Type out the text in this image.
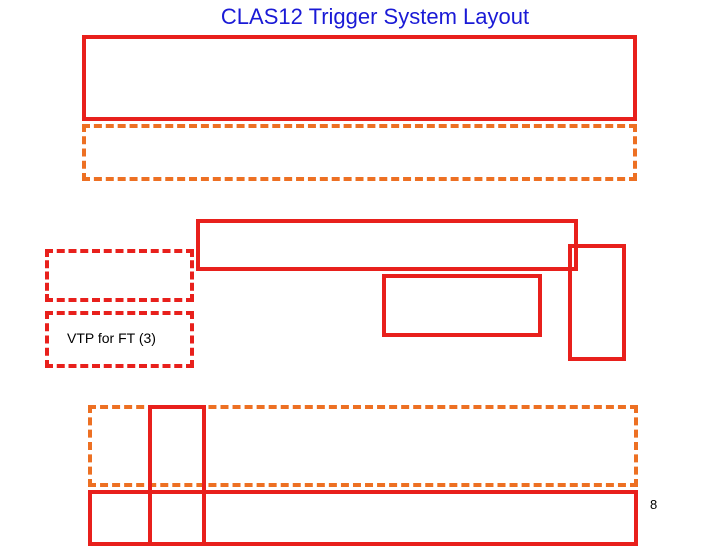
CLAS12 Trigger System Layout
VTP for FT (3)
8
